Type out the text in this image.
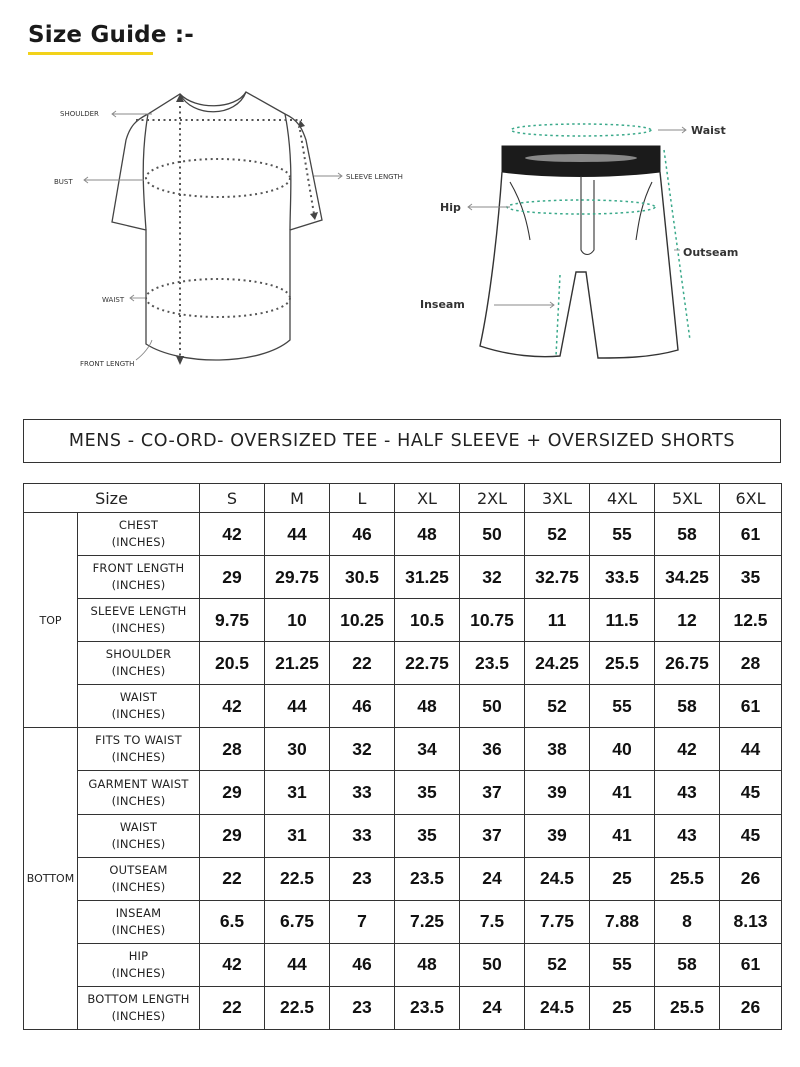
Size Guide :-
SHOULDER
BUST
SLEEVE LENGTH
WAIST
FRONT LENGTH
Waist
Hip
Outseam
Inseam
MENS - CO-ORD- OVERSIZED TEE - HALF SLEEVE + OVERSIZED SHORTS
Size		S	M	L	XL	2XL	3XL	4XL	5XL	6XL
TOP	CHEST
(INCHES)	42	44	46	48	50	52	55	58	61

	FRONT LENGTH
(INCHES)	29	29.75	30.5	31.25	32	32.75	33.5	34.25	35

	SLEEVE LENGTH
(INCHES)	9.75	10	10.25	10.5	10.75	11	11.5	12	12.5

	SHOULDER
(INCHES)	20.5	21.25	22	22.75	23.5	24.25	25.5	26.75	28

	WAIST
(INCHES)	42	44	46	48	50	52	55	58	61
BOTTOM	FITS TO WAIST
(INCHES)	28	30	32	34	36	38	40	42	44

	GARMENT WAIST
(INCHES)	29	31	33	35	37	39	41	43	45

	WAIST
(INCHES)	29	31	33	35	37	39	41	43	45

	OUTSEAM
(INCHES)	22	22.5	23	23.5	24	24.5	25	25.5	26

	INSEAM
(INCHES)	6.5	6.75	7	7.25	7.5	7.75	7.88	8	8.13

	HIP
(INCHES)	42	44	46	48	50	52	55	58	61

	BOTTOM LENGTH
(INCHES)	22	22.5	23	23.5	24	24.5	25	25.5	26
